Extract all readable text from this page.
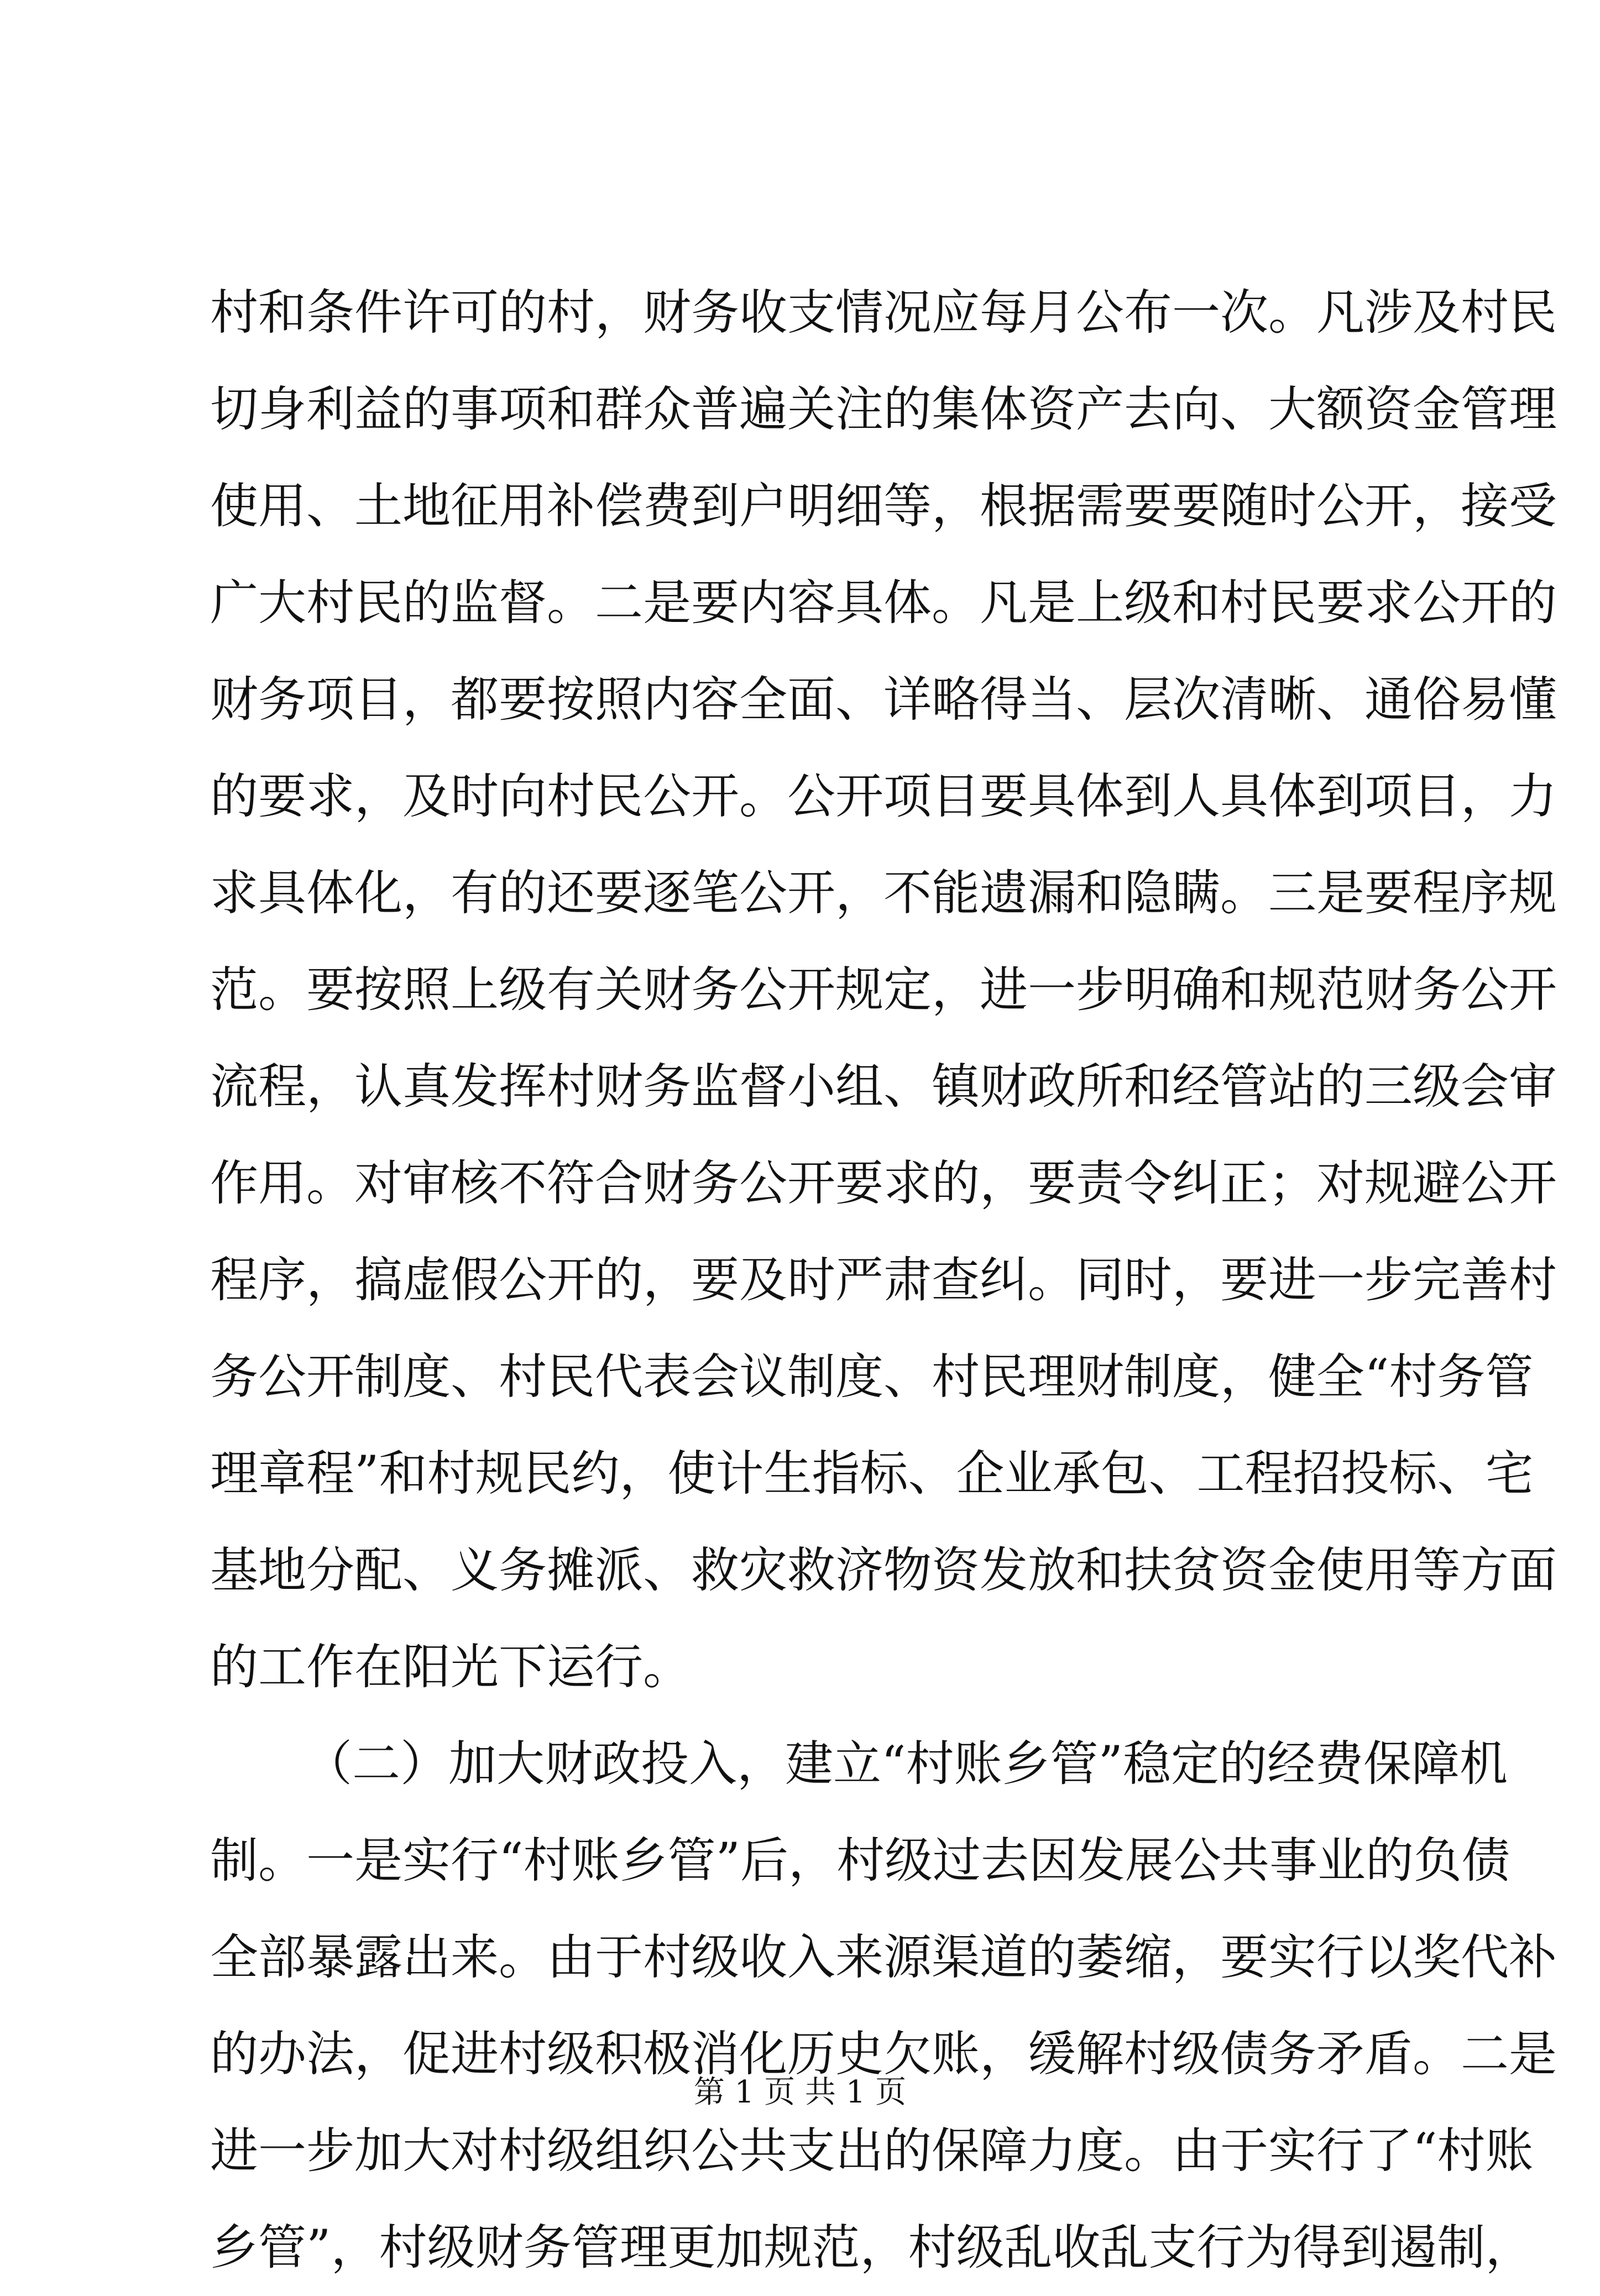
村和条件许可的村，财务收支情况应每月公布一次。凡涉及村民
切身利益的事项和群众普遍关注的集体资产去向、大额资金管理
使用、土地征用补偿费到户明细等，根据需要要随时公开，接受
广大村民的监督。二是要内容具体。凡是上级和村民要求公开的
财务项目，都要按照内容全面、详略得当、层次清晰、通俗易懂
的要求，及时向村民公开。公开项目要具体到人具体到项目，力
求具体化，有的还要逐笔公开，不能遗漏和隐瞒。三是要程序规
范。要按照上级有关财务公开规定，进一步明确和规范财务公开
流程，认真发挥村财务监督小组、镇财政所和经管站的三级会审
作用。对审核不符合财务公开要求的，要责令纠正；对规避公开
程序，搞虚假公开的，要及时严肃查纠。同时，要进一步完善村
务公开制度、村民代表会议制度、村民理财制度，健全“村务管
理章程”和村规民约，使计生指标、企业承包、工程招投标、宅
基地分配、义务摊派、救灾救济物资发放和扶贫资金使用等方面
的工作在阳光下运行。
（二）加大财政投入，建立“村账乡管”稳定的经费保障机
制。一是实行“村账乡管”后，村级过去因发展公共事业的负债
全部暴露出来。由于村级收入来源渠道的萎缩，要实行以奖代补
的办法，促进村级积极消化历史欠账，缓解村级债务矛盾。二是
进一步加大对村级组织公共支出的保障力度。由于实行了“村账
乡管”，村级财务管理更加规范，村级乱收乱支行为得到遏制，
第 1 页 共 1 页
